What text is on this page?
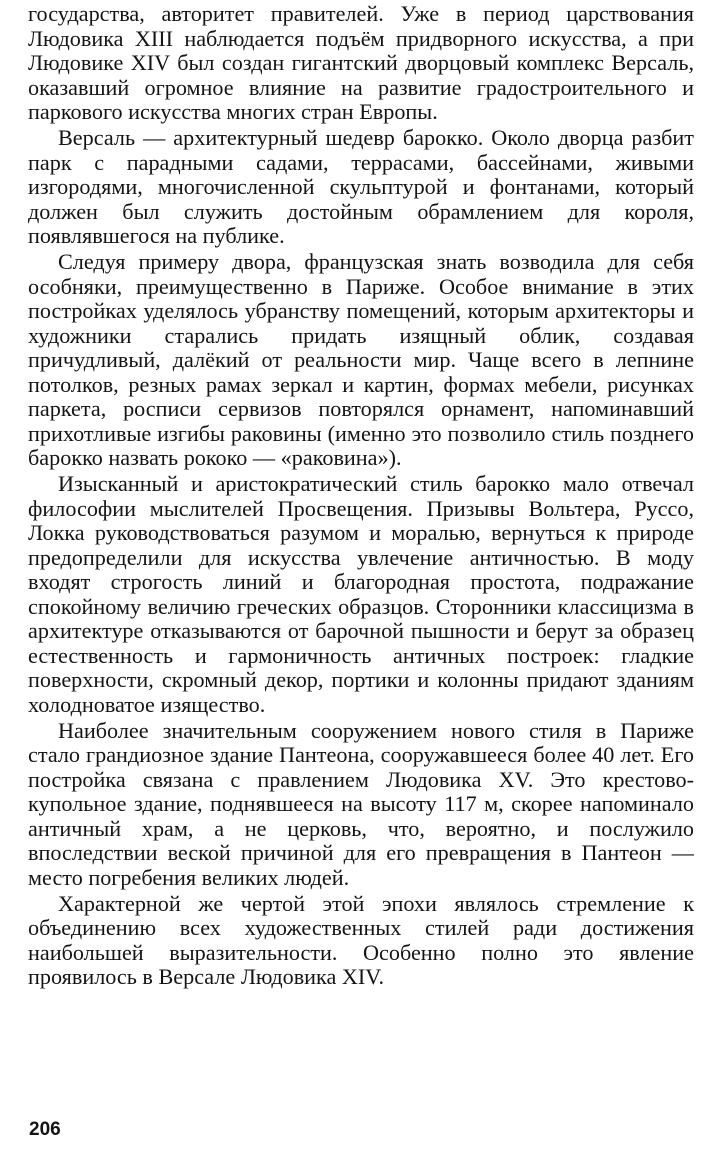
государства, авторитет правителей. Уже в период царствования Людовика XIII наблюдается подъём придворного искусства, а при Людовике XIV был создан гигантский дворцовый комплекс Версаль, оказавший огромное влияние на развитие градостроительного и паркового искусства многих стран Европы.

Версаль — архитектурный шедевр барокко. Около дворца разбит парк с парадными садами, террасами, бассейнами, живыми изгородями, многочисленной скульптурой и фонтанами, который должен был служить достойным обрамлением для короля, появлявшегося на публике.

Следуя примеру двора, французская знать возводила для себя особняки, преимущественно в Париже. Особое внимание в этих постройках уделялось убранству помещений, которым архитекторы и художники старались придать изящный облик, создавая причудливый, далёкий от реальности мир. Чаще всего в лепнине потолков, резных рамах зеркал и картин, формах мебели, рисунках паркета, росписи сервизов повторялся орнамент, напоминавший прихотливые изгибы раковины (именно это позволило стиль позднего барокко назвать рококо — «раковина»).

Изысканный и аристократический стиль барокко мало отвечал философии мыслителей Просвещения. Призывы Вольтера, Руссо, Локка руководствоваться разумом и моралью, вернуться к природе предопределили для искусства увлечение античностью. В моду входят строгость линий и благородная простота, подражание спокойному величию греческих образцов. Сторонники классицизма в архитектуре отказываются от барочной пышности и берут за образец естественность и гармоничность античных построек: гладкие поверхности, скромный декор, портики и колонны придают зданиям холодноватое изящество.

Наиболее значительным сооружением нового стиля в Париже стало грандиозное здание Пантеона, сооружавшееся более 40 лет. Его постройка связана с правлением Людовика XV. Это крестово-купольное здание, поднявшееся на высоту 117 м, скорее напоминало античный храм, а не церковь, что, вероятно, и послужило впоследствии веской причиной для его превращения в Пантеон — место погребения великих людей.

Характерной же чертой этой эпохи являлось стремление к объединению всех художественных стилей ради достижения наибольшей выразительности. Особенно полно это явление проявилось в Версале Людовика XIV.

206
